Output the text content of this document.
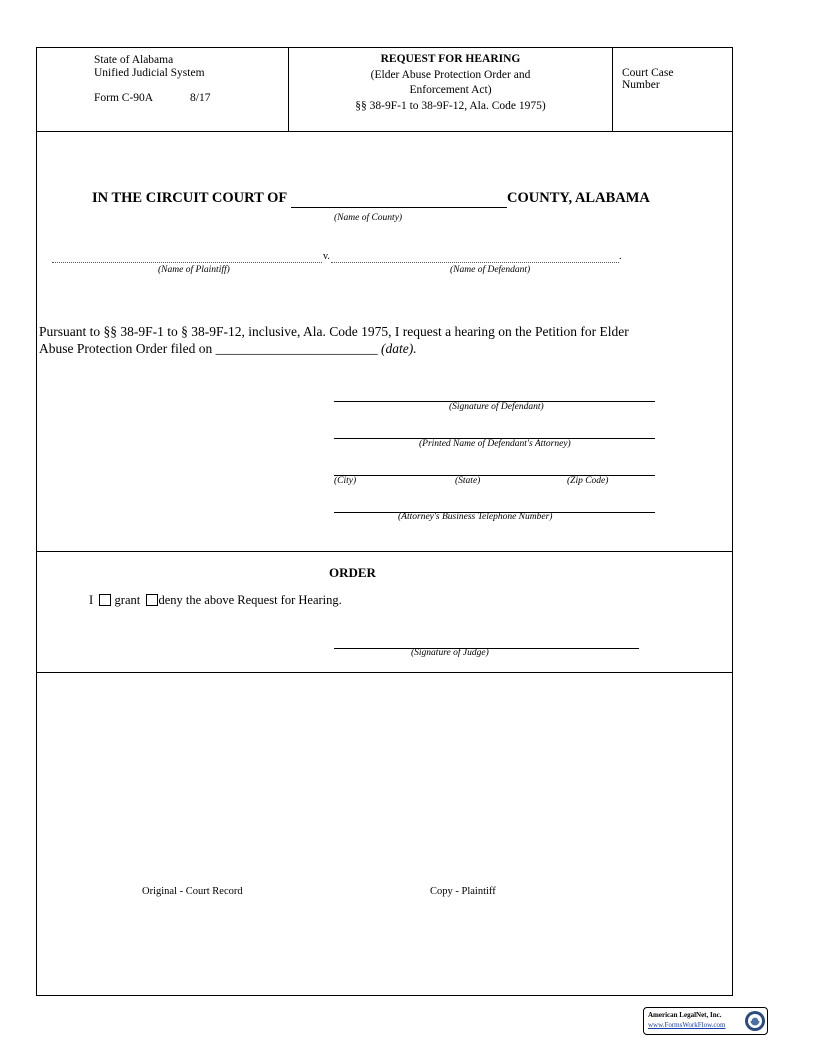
State of Alabama
Unified Judicial System
Form C-90A	8/17
REQUEST FOR HEARING
(Elder Abuse Protection Order and
Enforcement Act)
§§ 38-9F-1 to 38-9F-12, Ala. Code 1975)
Court Case
Number
IN THE CIRCUIT COURT OF	COUNTY, ALABAMA
(Name of County)
v.	.
(Name of Plaintiff)	(Name of Defendant)
Pursuant to §§ 38-9F-1 to § 38-9F-12, inclusive, Ala. Code 1975, I request a hearing on the Petition for Elder
Abuse Protection Order filed on ________________________ (date).
(Signature of Defendant)
(Printed Name of Defendant's Attorney)
(City)	(State)	(Zip Code)
(Attorney's Business Telephone Number)
ORDER
I grant deny the above Request for Hearing.
(Signature of Judge)
Original - Court Record	Copy - Plaintiff
American LegalNet, Inc.
www.FormsWorkFlow.com
